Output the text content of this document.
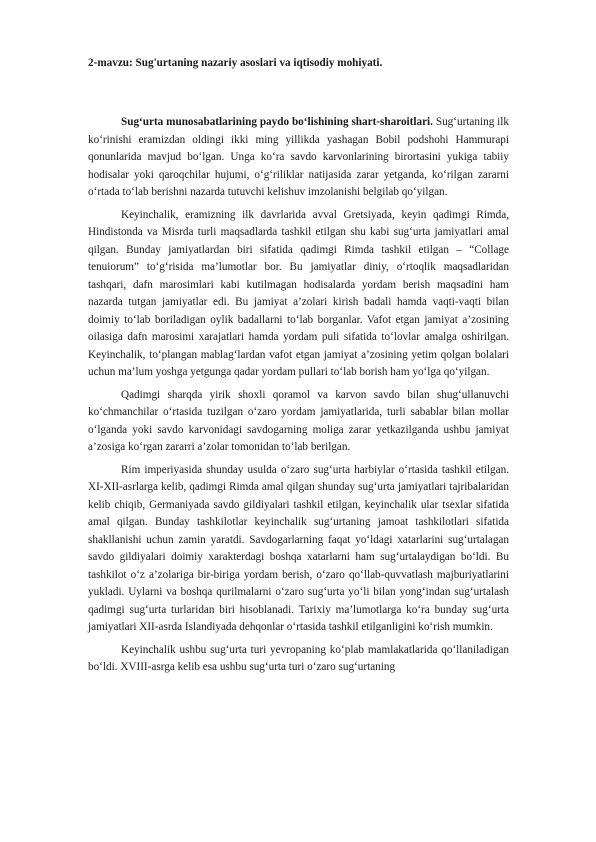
2-mavzu: Sug'urtaning nazariy asoslari va iqtisodiy mohiyati.

Sug‘urta munosabatlarining paydo bo‘lishining shart-sharoitlari. Sug‘urtaning ilk ko‘rinishi eramizdan oldingi ikki ming yillikda yashagan Bobil podshohi Hammurapi qonunlarida mavjud bo‘lgan. Unga ko‘ra savdo karvonlarining birortasini yukiga tabiiy hodisalar yoki qaroqchilar hujumi, o‘g‘riliklar natijasida zarar yetganda, ko‘rilgan zararni o‘rtada to‘lab berishni nazarda tutuvchi kelishuv imzolanishi belgilab qo‘yilgan.

Keyinchalik, eramizning ilk davrlarida avval Gretsiyada, keyin qadimgi Rimda, Hindistonda va Misrda turli maqsadlarda tashkil etilgan shu kabi sug‘urta jamiyatlari amal qilgan. Bunday jamiyatlardan biri sifatida qadimgi Rimda tashkil etilgan – “Collage tenuiorum” to‘g‘risida ma’lumotlar bor. Bu jamiyatlar diniy, o‘rtoqlik maqsadlaridan tashqari, dafn marosimlari kabi kutilmagan hodisalarda yordam berish maqsadini ham nazarda tutgan jamiyatlar edi. Bu jamiyat a’zolari kirish badali hamda vaqti-vaqti bilan doimiy to‘lab boriladigan oylik badallarni to‘lab borganlar. Vafot etgan jamiyat a’zosining oilasiga dafn marosimi xarajatlari hamda yordam puli sifatida to‘lovlar amalga oshirilgan. Keyinchalik, to‘plangan mablag‘lardan vafot etgan jamiyat a’zosining yetim qolgan bolalari uchun ma’lum yoshga yetgunga qadar yordam pullari to‘lab borish ham yo‘lga qo‘yilgan.

Qadimgi sharqda yirik shoxli qoramol va karvon savdo bilan shug‘ullanuvchi ko‘chmanchilar o‘rtasida tuzilgan o‘zaro yordam jamiyatlarida, turli sabablar bilan mollar o‘lganda yoki savdo karvonidagi savdogarning moliga zarar yetkazilganda ushbu jamiyat a’zosiga ko‘rgan zararri a’zolar tomonidan to‘lab berilgan.

Rim imperiyasida shunday usulda o‘zaro sug‘urta harbiylar o‘rtasida tashkil etilgan. XI-XII-asrlarga kelib, qadimgi Rimda amal qilgan shunday sug‘urta jamiyatlari tajribalaridan kelib chiqib, Germaniyada savdo gildiyalari tashkil etilgan, keyinchalik ular tsexlar sifatida amal qilgan. Bunday tashkilotlar keyinchalik sug‘urtaning jamoat tashkilotlari sifatida shakllanishi uchun zamin yaratdi. Savdogarlarning faqat yo‘ldagi xatarlarini sug‘urtalagan savdo gildiyalari doimiy xarakterdagi boshqa xatarlarni ham sug‘urtalaydigan bo‘ldi. Bu tashkilot o‘z a’zolariga bir-biriga yordam berish, o‘zaro qo‘llab-quvvatlash majburiyatlarini yukladi. Uylarni va boshqa qurilmalarni o‘zaro sug‘urta yo‘li bilan yong‘indan sug‘urtalash qadimgi sug‘urta turlaridan biri hisoblanadi. Tarixiy ma’lumotlarga ko‘ra bunday sug‘urta jamiyatlari XII-asrda Islandiyada dehqonlar o‘rtasida tashkil etilganligini ko‘rish mumkin.

Keyinchalik ushbu sug‘urta turi yevropaning ko‘plab mamlakatlarida qo‘llaniladigan bo‘ldi. XVIII-asrga kelib esa ushbu sug‘urta turi o‘zaro sug‘urtaning
